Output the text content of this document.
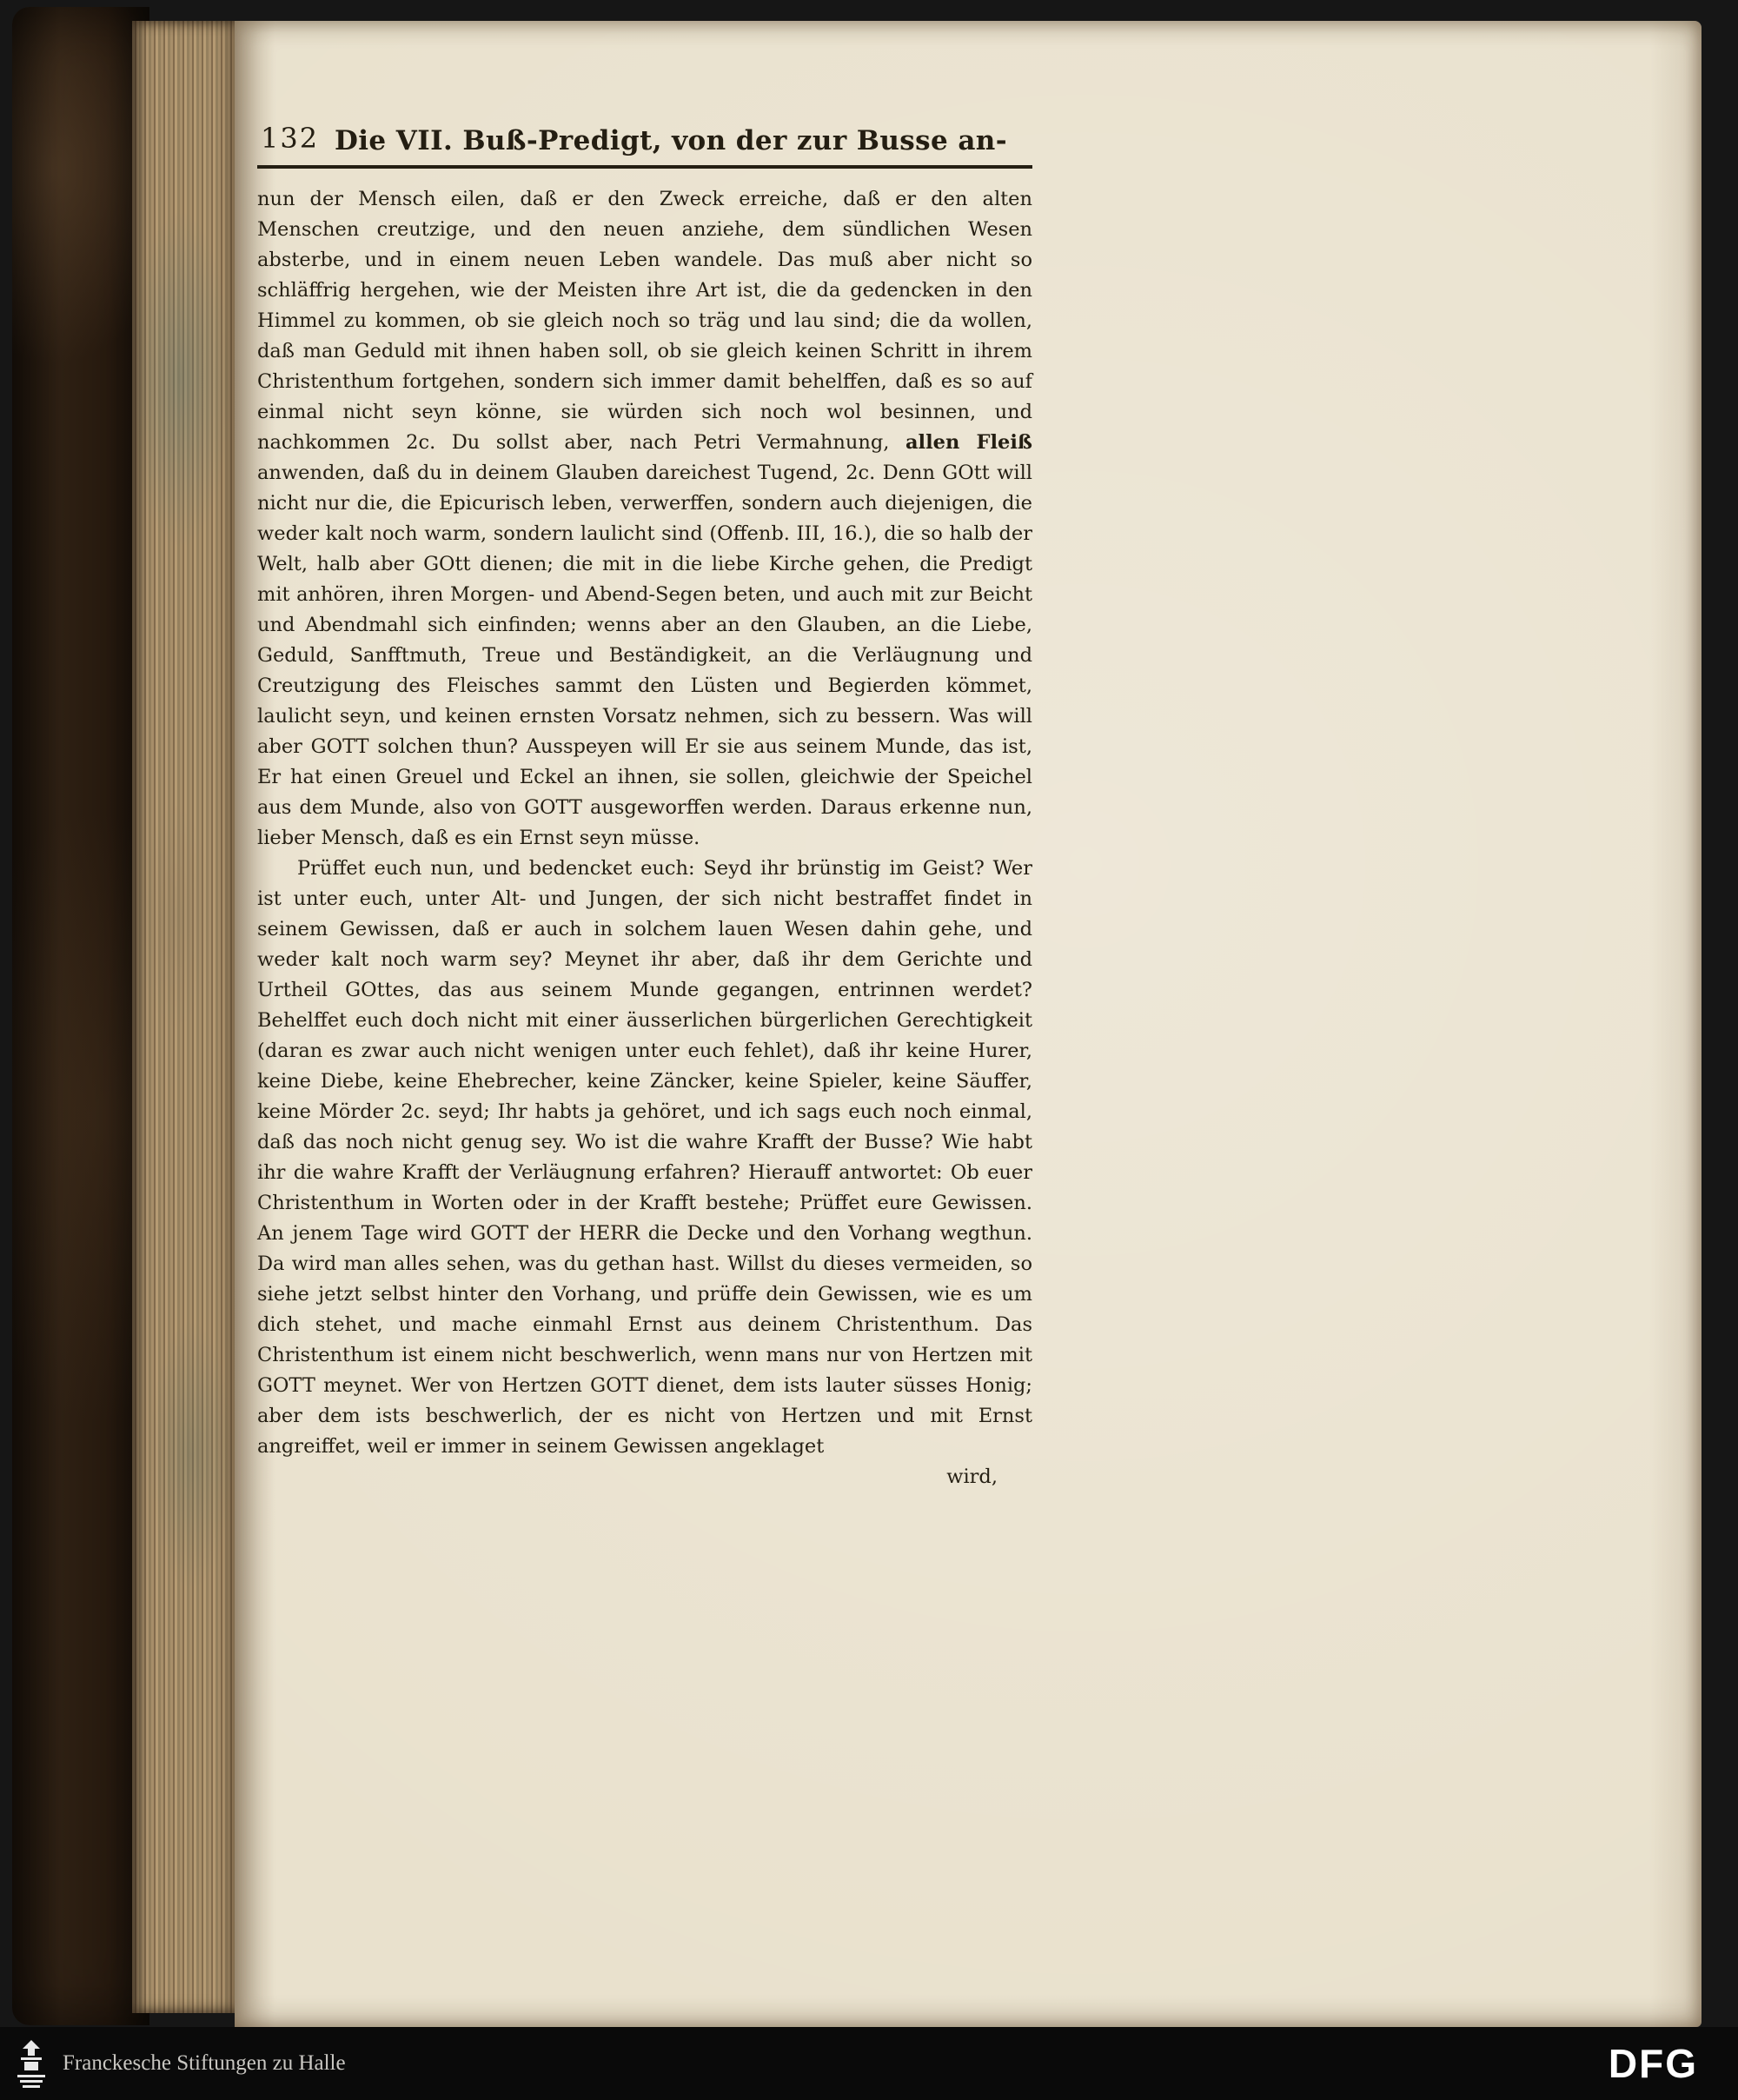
132 Die VII. Buß-Predigt, von der zur Busse an-

nun der Mensch eilen, daß er den Zweck erreiche, daß er den alten Menschen creutzige, und den neuen anziehe, dem sündlichen Wesen absterbe, und in einem neuen Leben wandele. Das muß aber nicht so schläffrig hergehen, wie der Meisten ihre Art ist, die da gedencken in den Himmel zu kommen, ob sie gleich noch so träg und lau sind; die da wollen, daß man Geduld mit ihnen haben soll, ob sie gleich keinen Schritt in ihrem Christenthum fortgehen, sondern sich immer damit behelffen, daß es so auf einmal nicht seyn könne, sie würden sich noch wol besinnen, und nachkommen 2c. Du sollst aber, nach Petri Vermahnung, allen Fleiß anwenden, daß du in deinem Glauben dareichest Tugend, 2c. Denn GOtt will nicht nur die, die Epicurisch leben, verwerffen, sondern auch diejenigen, die weder kalt noch warm, sondern laulicht sind (Offenb. III, 16.), die so halb der Welt, halb aber GOtt dienen; die mit in die liebe Kirche gehen, die Predigt mit anhören, ihren Morgen- und Abend-Segen beten, und auch mit zur Beicht und Abendmahl sich einfinden; wenns aber an den Glauben, an die Liebe, Geduld, Sanfftmuth, Treue und Beständigkeit, an die Verläugnung und Creutzigung des Fleisches sammt den Lüsten und Begierden kömmet, laulicht seyn, und keinen ernsten Vorsatz nehmen, sich zu bessern. Was will aber GOTT solchen thun? Ausspeyen will Er sie aus seinem Munde, das ist, Er hat einen Greuel und Eckel an ihnen, sie sollen, gleichwie der Speichel aus dem Munde, also von GOTT ausgeworffen werden. Daraus erkenne nun, lieber Mensch, daß es ein Ernst seyn müsse.

Prüffet euch nun, und bedencket euch: Seyd ihr brünstig im Geist? Wer ist unter euch, unter Alt- und Jungen, der sich nicht bestraffet findet in seinem Gewissen, daß er auch in solchem lauen Wesen dahin gehe, und weder kalt noch warm sey? Meynet ihr aber, daß ihr dem Gerichte und Urtheil GOttes, das aus seinem Munde gegangen, entrinnen werdet? Behelffet euch doch nicht mit einer äusserlichen bürgerlichen Gerechtigkeit (daran es zwar auch nicht wenigen unter euch fehlet), daß ihr keine Hurer, keine Diebe, keine Ehebrecher, keine Zäncker, keine Spieler, keine Säuffer, keine Mörder 2c. seyd; Ihr habts ja gehöret, und ich sags euch noch einmal, daß das noch nicht genug sey. Wo ist die wahre Krafft der Busse? Wie habt ihr die wahre Krafft der Verläugnung erfahren? Hierauff antwortet: Ob euer Christenthum in Worten oder in der Krafft bestehe; Prüffet eure Gewissen. An jenem Tage wird GOTT der HERR die Decke und den Vorhang wegthun. Da wird man alles sehen, was du gethan hast. Willst du dieses vermeiden, so siehe jetzt selbst hinter den Vorhang, und prüffe dein Gewissen, wie es um dich stehet, und mache einmahl Ernst aus deinem Christenthum. Das Christenthum ist einem nicht beschwerlich, wenn mans nur von Hertzen mit GOTT meynet. Wer von Hertzen GOTT dienet, dem ists lauter süsses Honig; aber dem ists beschwerlich, der es nicht von Hertzen und mit Ernst angreiffet, weil er immer in seinem Gewissen angeklaget

wird,
Franckesche Stiftungen zu Halle	DFG
